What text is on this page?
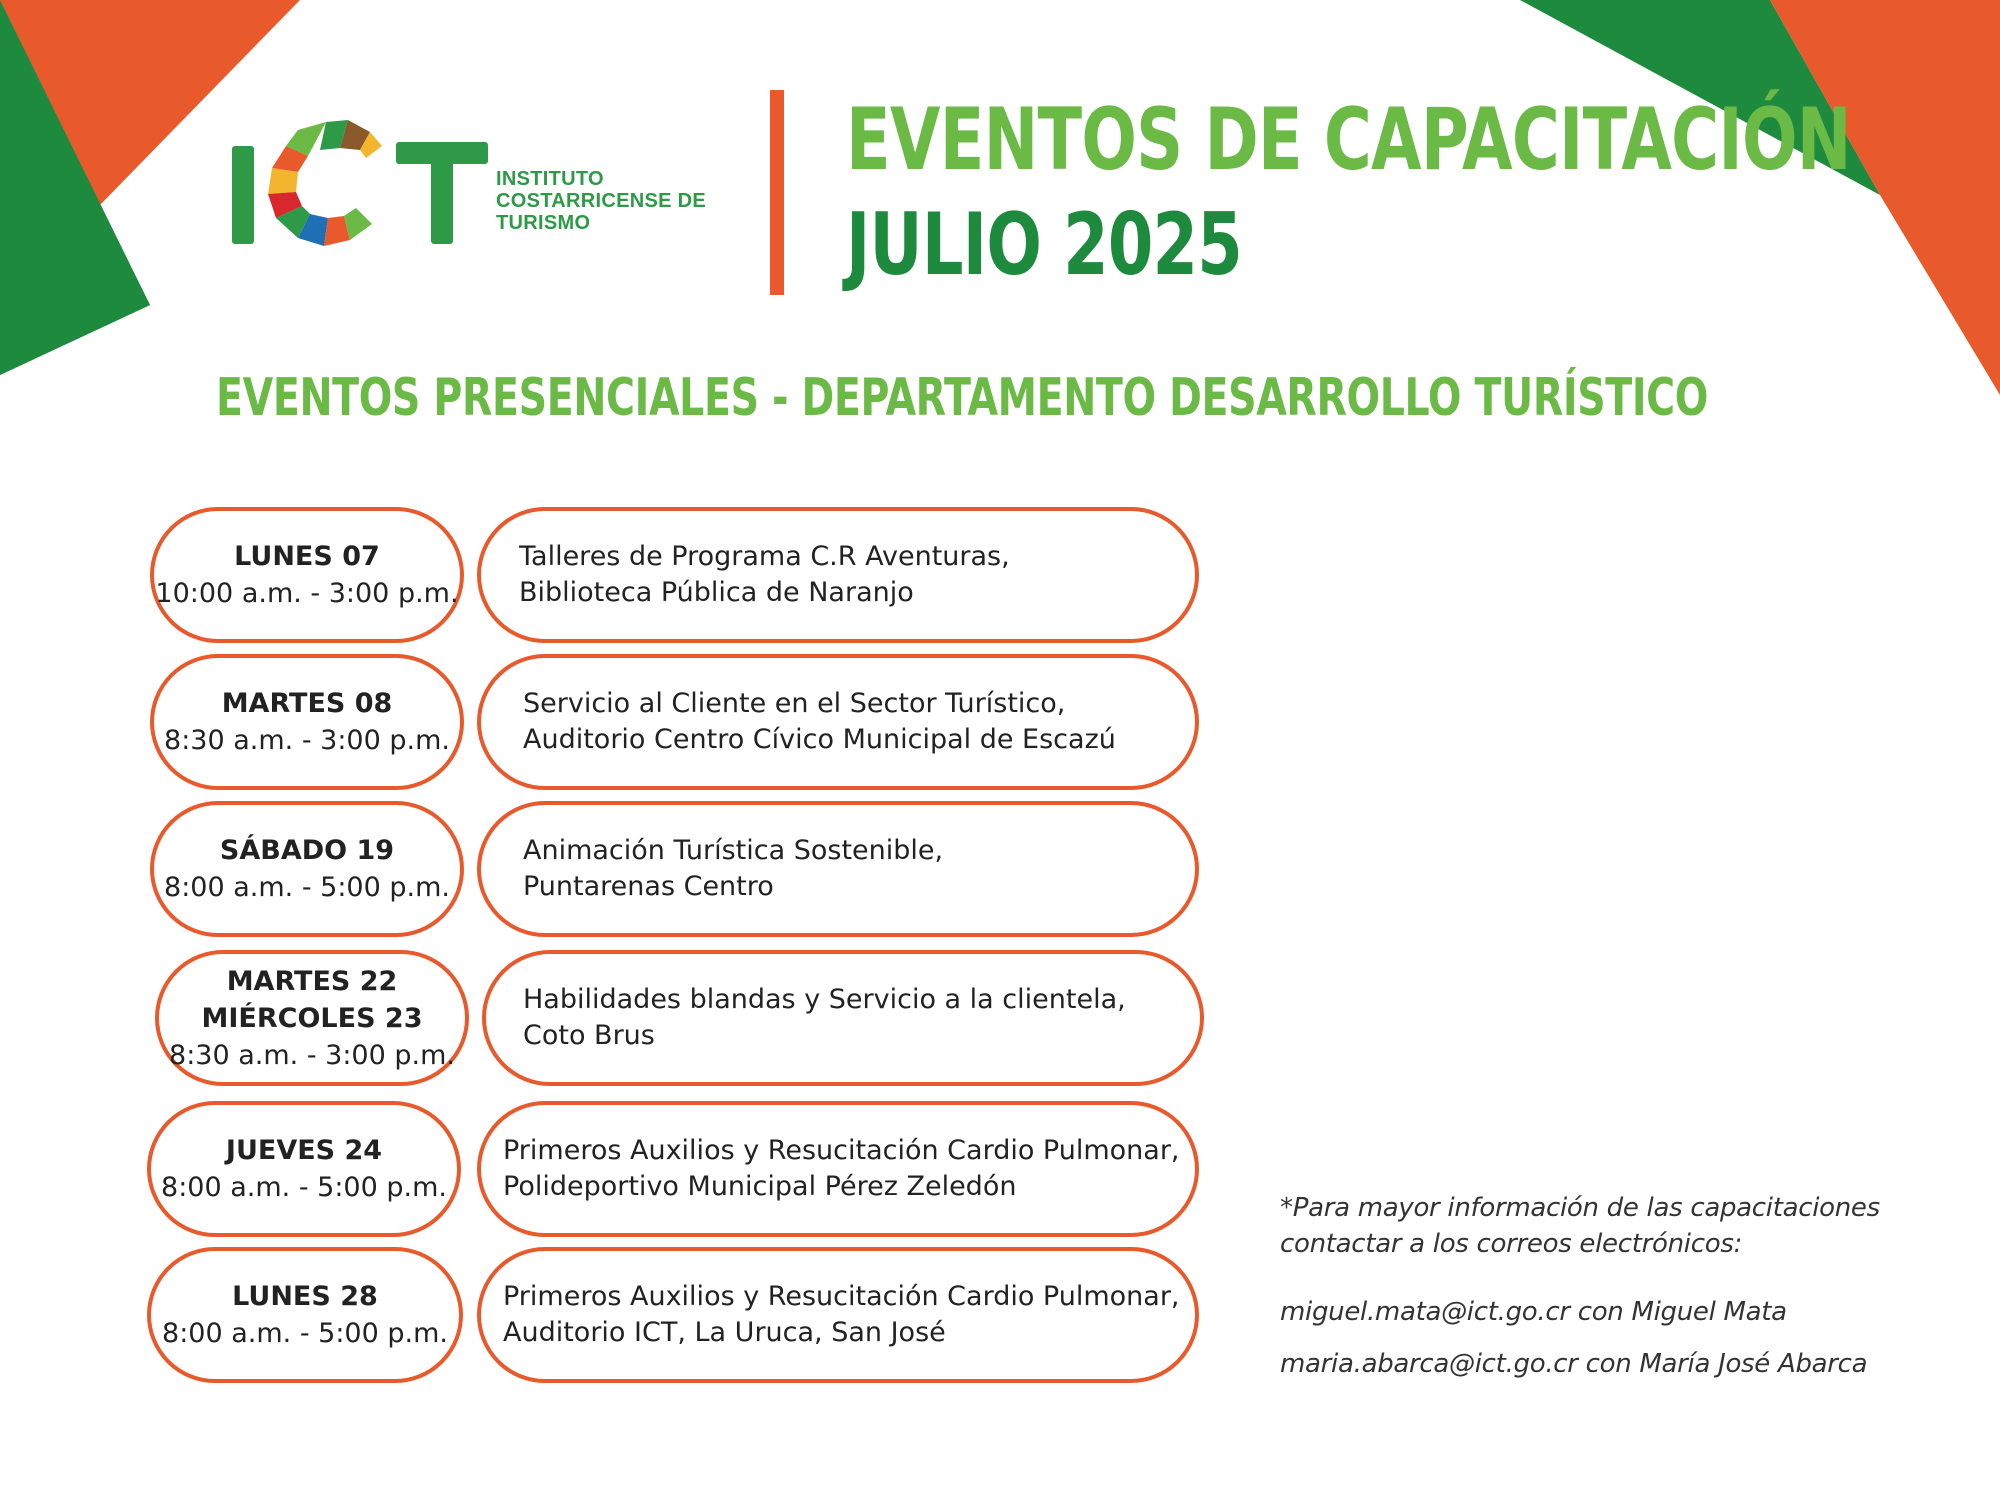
INSTITUTO
COSTARRICENSE DE
TURISMO
EVENTOS DE CAPACITACIÓN
JULIO 2025
EVENTOS PRESENCIALES - DEPARTAMENTO DESARROLLO TURÍSTICO
LUNES 07
10:00 a.m. - 3:00 p.m.
Talleres de Programa C.R Aventuras,
Biblioteca Pública de Naranjo
MARTES 08
8:30 a.m. - 3:00 p.m.
Servicio al Cliente en el Sector Turístico,
Auditorio Centro Cívico Municipal de Escazú
SÁBADO 19
8:00 a.m. - 5:00 p.m.
Animación Turística Sostenible,
Puntarenas Centro
MARTES 22
MIÉRCOLES 23
8:30 a.m. - 3:00 p.m.
Habilidades blandas y Servicio a la clientela,
Coto Brus
JUEVES 24
8:00 a.m. - 5:00 p.m.
Primeros Auxilios y Resucitación Cardio Pulmonar,
Polideportivo Municipal Pérez Zeledón
LUNES 28
8:00 a.m. - 5:00 p.m.
Primeros Auxilios y Resucitación Cardio Pulmonar,
Auditorio ICT, La Uruca, San José
*Para mayor información de las capacitaciones
contactar a los correos electrónicos:
miguel.mata@ict.go.cr con Miguel Mata
maria.abarca@ict.go.cr con María José Abarca
